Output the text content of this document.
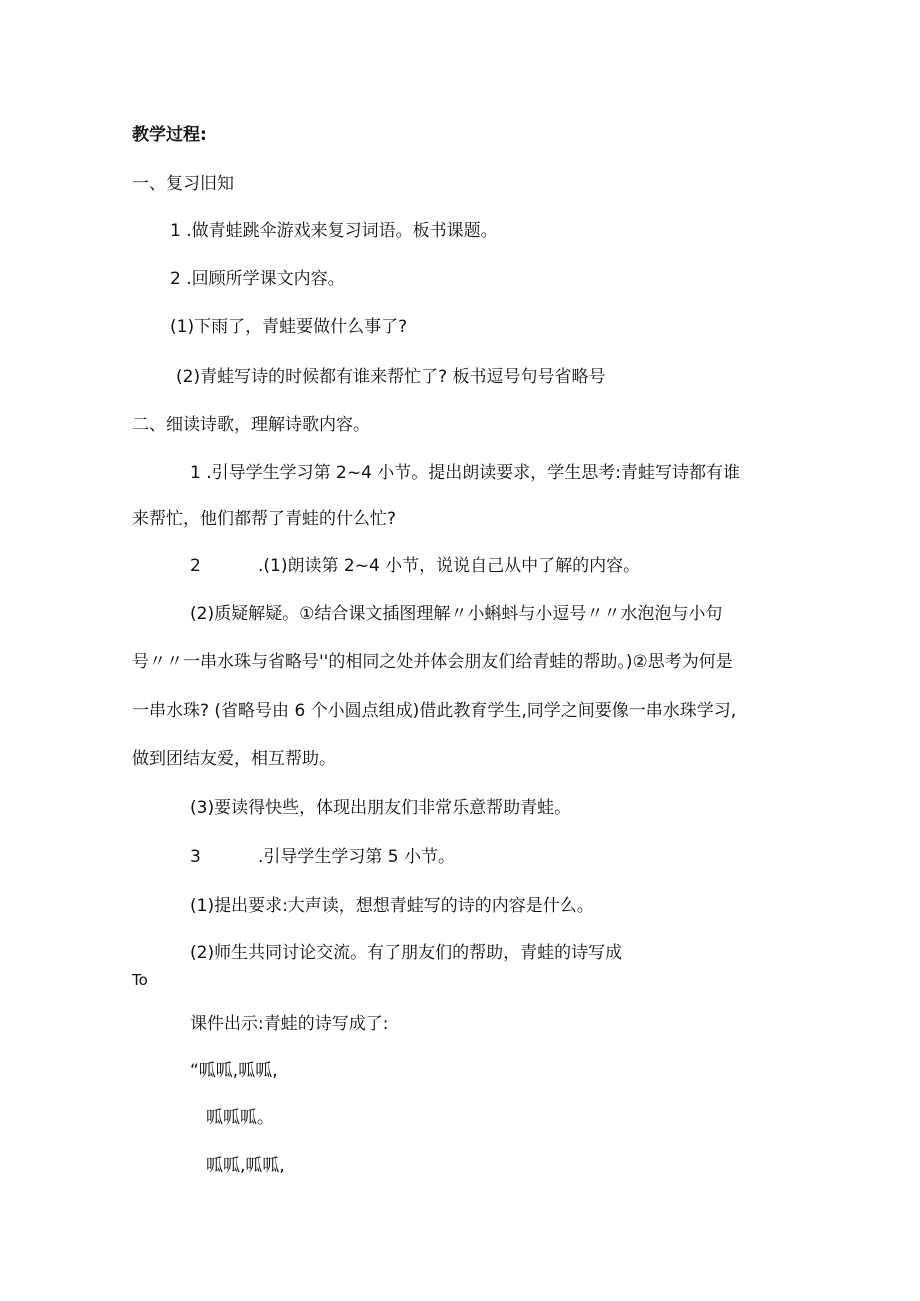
教学过程:
一、复习旧知
1 .做青蛙跳伞游戏来复习词语。板书课题。
2 .回顾所学课文内容。
(1)下雨了，青蛙要做什么事了?
(2)青蛙写诗的时候都有谁来帮忙了? 板书逗号句号省略号
二、细读诗歌，理解诗歌内容。
1 .引导学生学习第 2~4 小节。提出朗读要求，学生思考:青蛙写诗都有谁
来帮忙，他们都帮了青蛙的什么忙?
2	.(1)朗读第 2~4 小节，说说自己从中了解的内容。
(2)质疑解疑。①结合课文插图理解〃小蝌蚪与小逗号〃〃水泡泡与小句
号〃〃一串水珠与省略号''的相同之处并体会朋友们给青蛙的帮助。)②思考为何是
一串水珠? (省略号由 6 个小圆点组成)借此教育学生,同学之间要像一串水珠学习,
做到团结友爱，相互帮助。
(3)要读得快些，体现出朋友们非常乐意帮助青蛙。
3	.引导学生学习第 5 小节。
(1)提出要求:大声读，想想青蛙写的诗的内容是什么。
(2)师生共同讨论交流。有了朋友们的帮助，青蛙的诗写成
To
课件出示:青蛙的诗写成了:
“呱呱,呱呱,
呱呱呱。
呱呱,呱呱,
